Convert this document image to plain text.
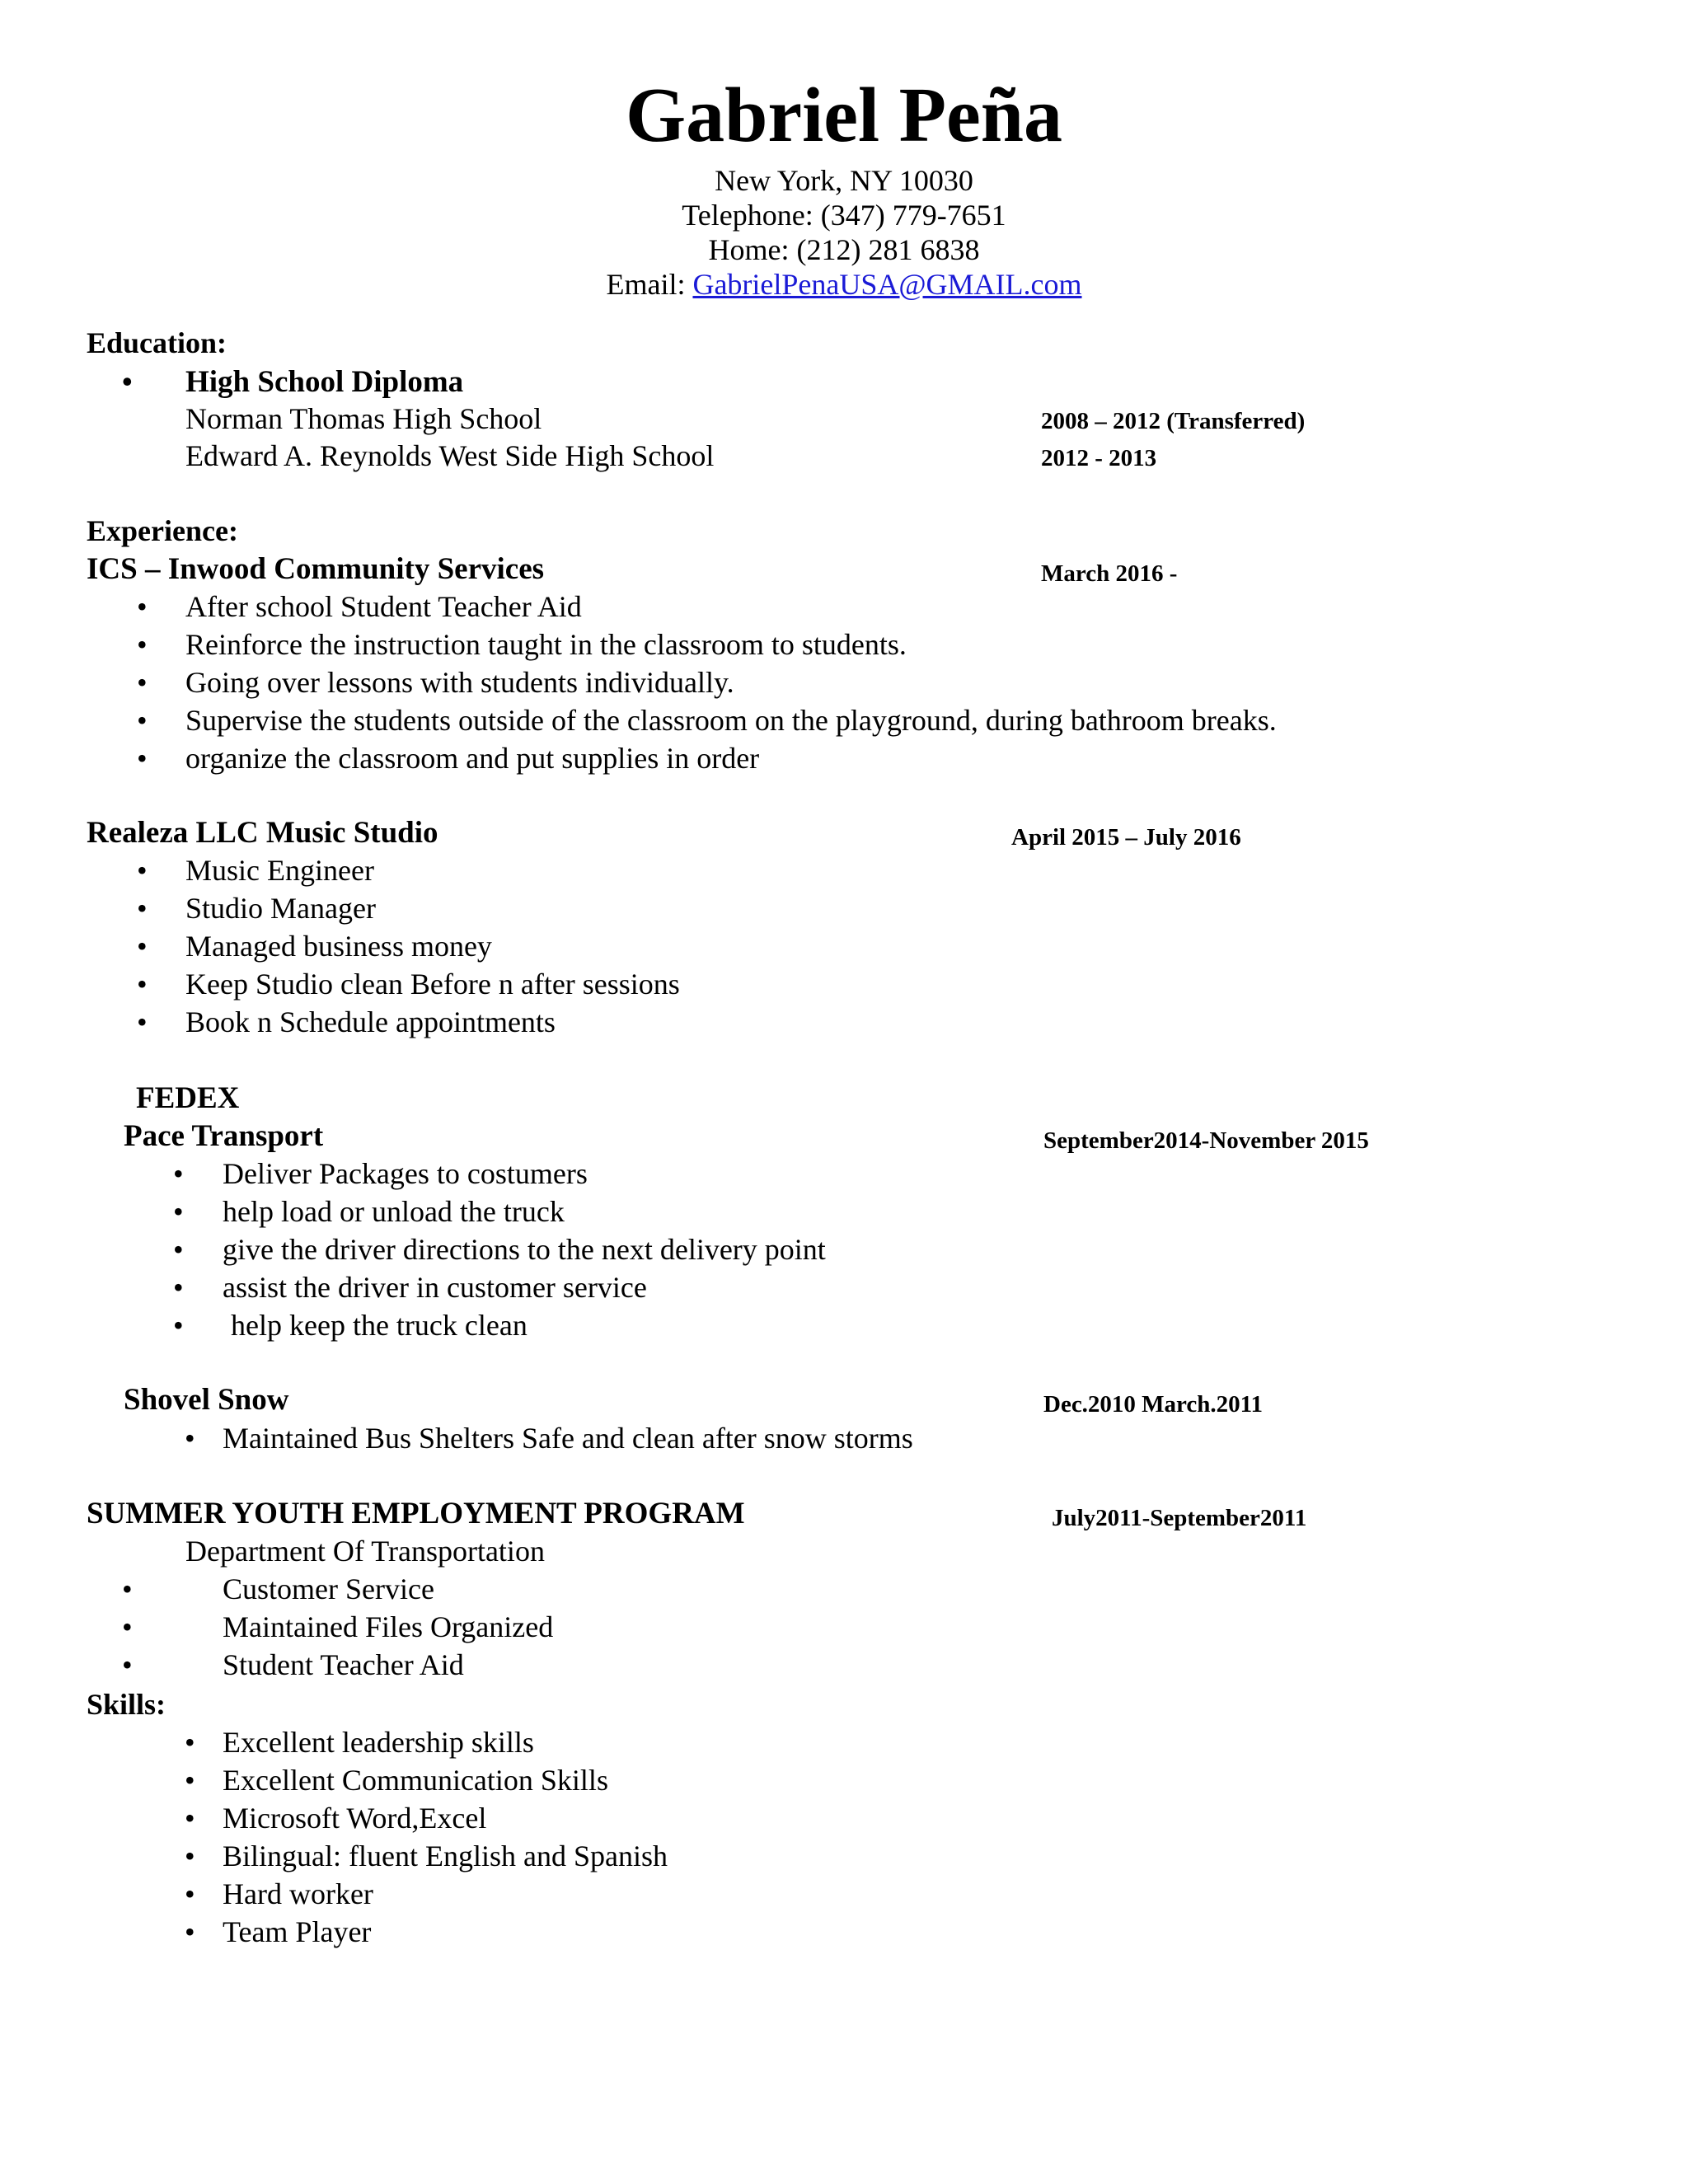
Gabriel Peña
New York, NY 10030
Telephone: (347) 779-7651
Home: (212) 281 6838
Email: GabrielPenaUSA@GMAIL.com
Education:
• High School Diploma
Norman Thomas High School	2008 – 2012 (Transferred)
Edward A. Reynolds West Side High School	2012 - 2013
Experience:
ICS – Inwood Community Services	March 2016 -
• After school Student Teacher Aid
• Reinforce the instruction taught in the classroom to students.
• Going over lessons with students individually.
• Supervise the students outside of the classroom on the playground, during bathroom breaks.
• organize the classroom and put supplies in order
Realeza LLC Music Studio	April 2015 – July 2016
• Music Engineer
• Studio Manager
• Managed business money
• Keep Studio clean Before n after sessions
• Book n Schedule appointments
FEDEX
Pace Transport	September2014-November 2015
• Deliver Packages to costumers
• help load or unload the truck
• give the driver directions to the next delivery point
• assist the driver in customer service
• help keep the truck clean
Shovel Snow	Dec.2010 March.2011
• Maintained Bus Shelters Safe and clean after snow storms
SUMMER YOUTH EMPLOYMENT PROGRAM	July2011-September2011
Department Of Transportation
•	Customer Service
•	Maintained Files Organized
•	Student Teacher Aid
Skills:
• Excellent leadership skills
• Excellent Communication Skills
• Microsoft Word,Excel
• Bilingual: fluent English and Spanish
• Hard worker
• Team Player
